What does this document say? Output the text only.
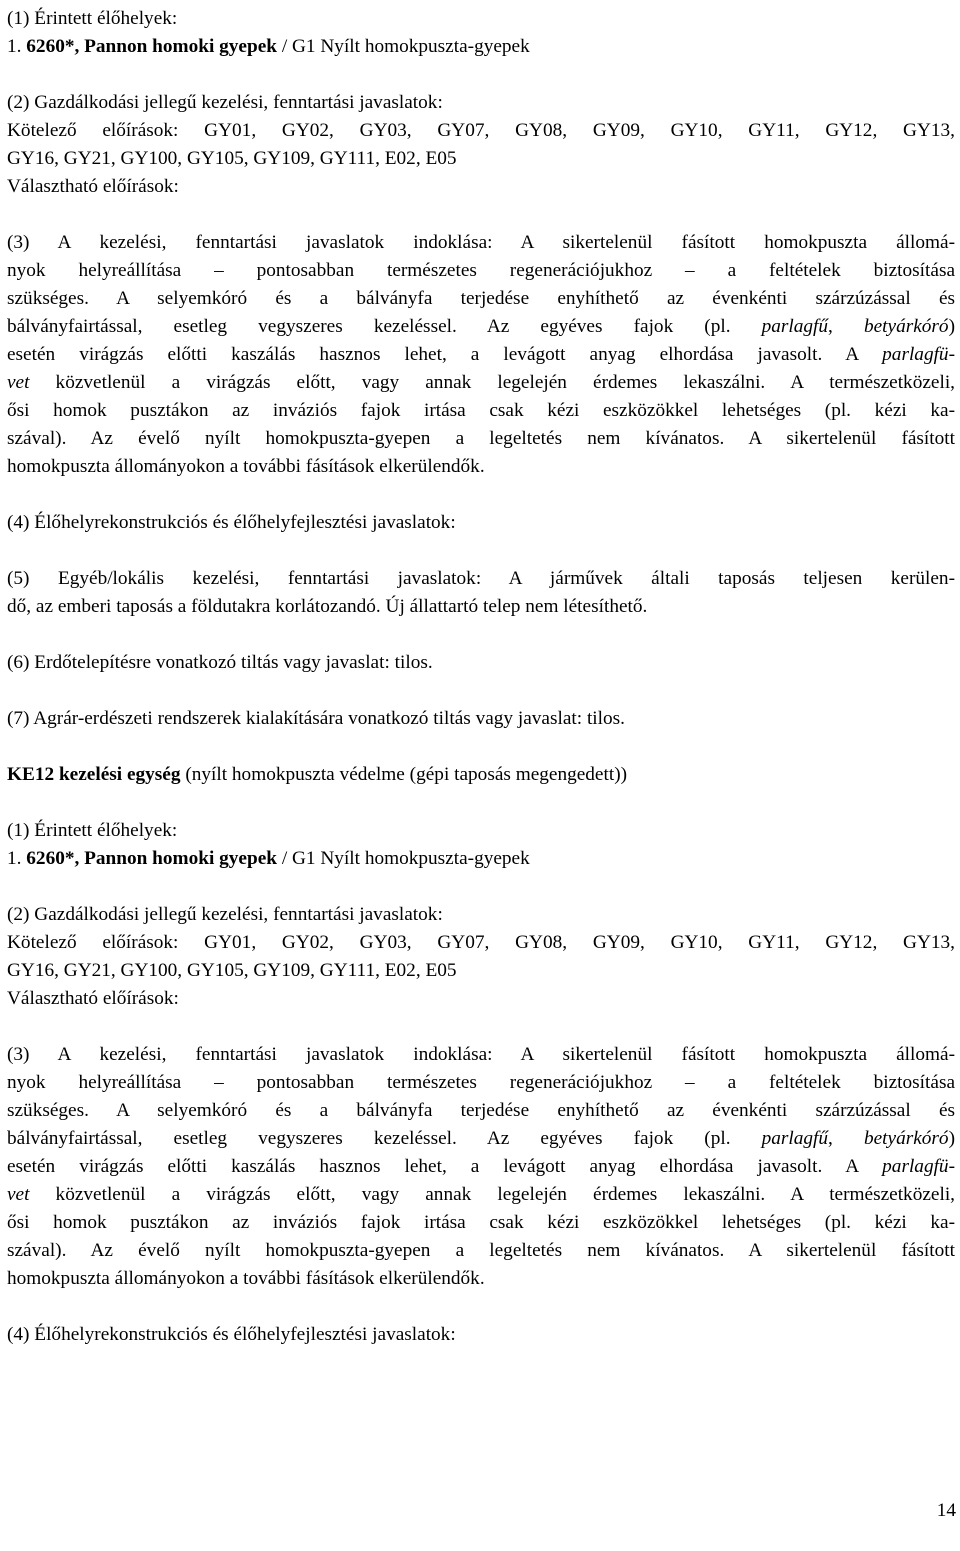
(1) Érintett élőhelyek:

1. 6260*, Pannon homoki gyepek / G1 Nyílt homokpuszta-gyepek

(2) Gazdálkodási jellegű kezelési, fenntartási javaslatok:

Kötelező előírások: GY01, GY02, GY03, GY07, GY08, GY09, GY10, GY11, GY12, GY13,

GY16, GY21, GY100, GY105, GY109, GY111, E02, E05

Választható előírások:

(3) A kezelési, fenntartási javaslatok indoklása: A sikertelenül fásított homokpuszta állomá-

nyok helyreállítása – pontosabban természetes regenerációjukhoz – a feltételek biztosítása

szükséges. A selyemkóró és a bálványfa terjedése enyhíthető az évenkénti szárzúzással és

bálványfairtással, esetleg vegyszeres kezeléssel. Az egyéves fajok (pl. parlagfű, betyárkóró)

esetén virágzás előtti kaszálás hasznos lehet, a levágott anyag elhordása javasolt. A parlagfü-

vet közvetlenül a virágzás előtt, vagy annak legelején érdemes lekaszálni. A természetközeli,

ősi homok pusztákon az inváziós fajok irtása csak kézi eszközökkel lehetséges (pl. kézi ka-

szával). Az évelő nyílt homokpuszta-gyepen a legeltetés nem kívánatos. A sikertelenül fásított

homokpuszta állományokon a további fásítások elkerülendők.

(4) Élőhelyrekonstrukciós és élőhelyfejlesztési javaslatok:

(5) Egyéb/lokális kezelési, fenntartási javaslatok: A járművek általi taposás teljesen kerülen-

dő, az emberi taposás a földutakra korlátozandó. Új állattartó telep nem létesíthető.

(6) Erdőtelepítésre vonatkozó tiltás vagy javaslat: tilos.

(7) Agrár-erdészeti rendszerek kialakítására vonatkozó tiltás vagy javaslat: tilos.

KE12 kezelési egység (nyílt homokpuszta védelme (gépi taposás megengedett))

(1) Érintett élőhelyek:

1. 6260*, Pannon homoki gyepek / G1 Nyílt homokpuszta-gyepek

(2) Gazdálkodási jellegű kezelési, fenntartási javaslatok:

Kötelező előírások: GY01, GY02, GY03, GY07, GY08, GY09, GY10, GY11, GY12, GY13,

GY16, GY21, GY100, GY105, GY109, GY111, E02, E05

Választható előírások:

(3) A kezelési, fenntartási javaslatok indoklása: A sikertelenül fásított homokpuszta állomá-

nyok helyreállítása – pontosabban természetes regenerációjukhoz – a feltételek biztosítása

szükséges. A selyemkóró és a bálványfa terjedése enyhíthető az évenkénti szárzúzással és

bálványfairtással, esetleg vegyszeres kezeléssel. Az egyéves fajok (pl. parlagfű, betyárkóró)

esetén virágzás előtti kaszálás hasznos lehet, a levágott anyag elhordása javasolt. A parlagfü-

vet közvetlenül a virágzás előtt, vagy annak legelején érdemes lekaszálni. A természetközeli,

ősi homok pusztákon az inváziós fajok irtása csak kézi eszközökkel lehetséges (pl. kézi ka-

szával). Az évelő nyílt homokpuszta-gyepen a legeltetés nem kívánatos. A sikertelenül fásított

homokpuszta állományokon a további fásítások elkerülendők.

(4) Élőhelyrekonstrukciós és élőhelyfejlesztési javaslatok:

14
